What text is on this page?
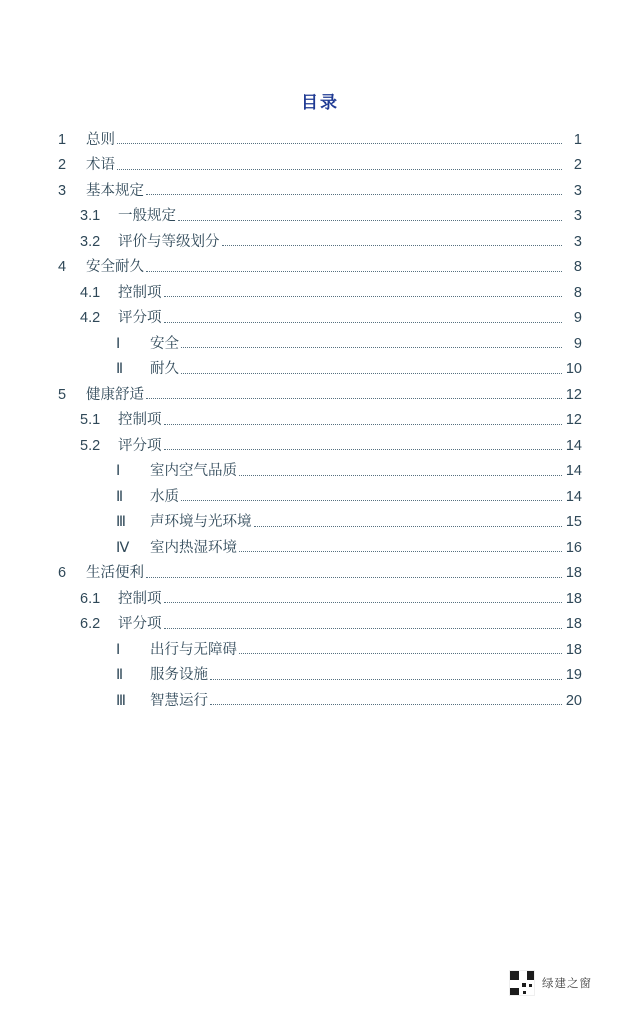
目录
1	总则	1
2	术语	2
3	基本规定	3
3.1	一般规定	3
3.2	评价与等级划分	3
4	安全耐久	8
4.1	控制项	8
4.2	评分项	9
Ⅰ	安全	9
Ⅱ	耐久	10
5	健康舒适	12
5.1	控制项	12
5.2	评分项	14
Ⅰ	室内空气品质	14
Ⅱ	水质	14
Ⅲ	声环境与光环境	15
Ⅳ	室内热湿环境	16
6	生活便利	18
6.1	控制项	18
6.2	评分项	18
Ⅰ	出行与无障碍	18
Ⅱ	服务设施	19
Ⅲ	智慧运行	20
绿建之窗
